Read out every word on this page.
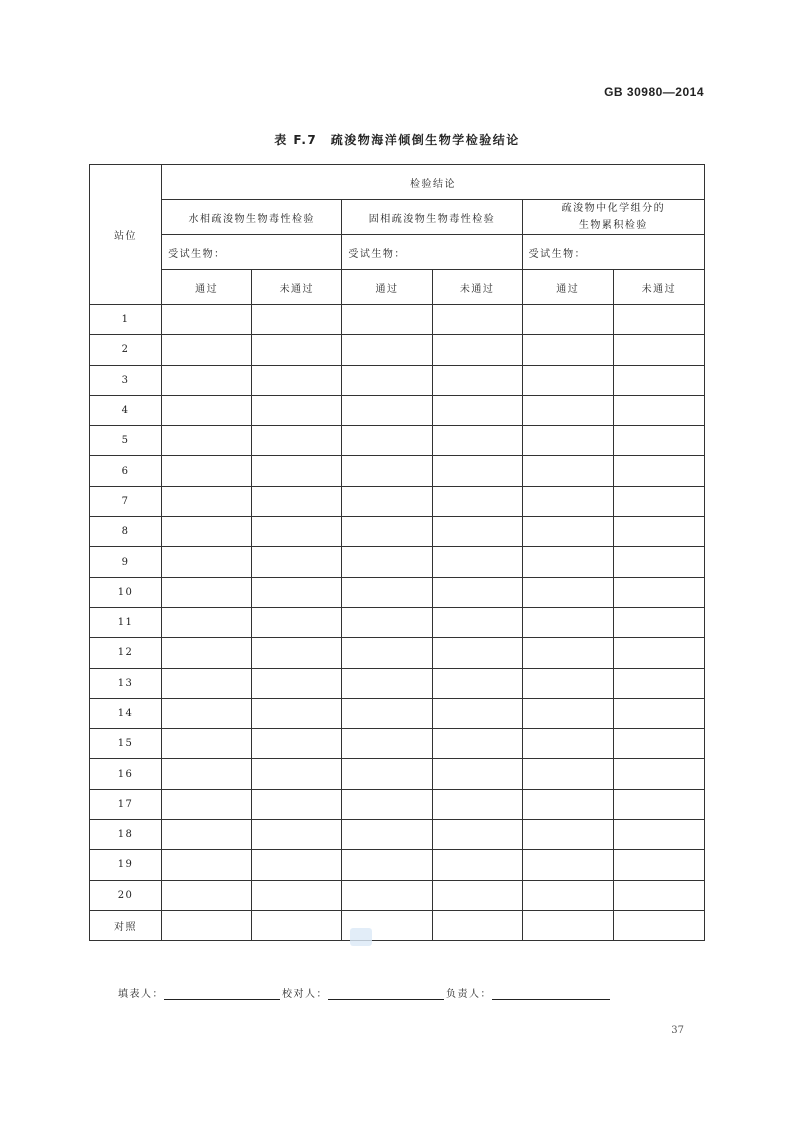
GB 30980—2014
表 F.7　疏浚物海洋倾倒生物学检验结论
站位	检验结论					
	水相疏浚物生物毒性检验		固相疏浚物生物毒性检验		疏浚物中化学组分的
生物累积检验	

	受试生物：		受试生物：		受试生物：	
	通过	未通过	通过	未通过	通过	未通过
1						
2						
3						
4						
5						
6						
7						
8						
9						
10						
11						
12						
13						
14						
15						
16						
17						
18						
19						
20						
对照						
填表人：	校对人：	负责人：
37
